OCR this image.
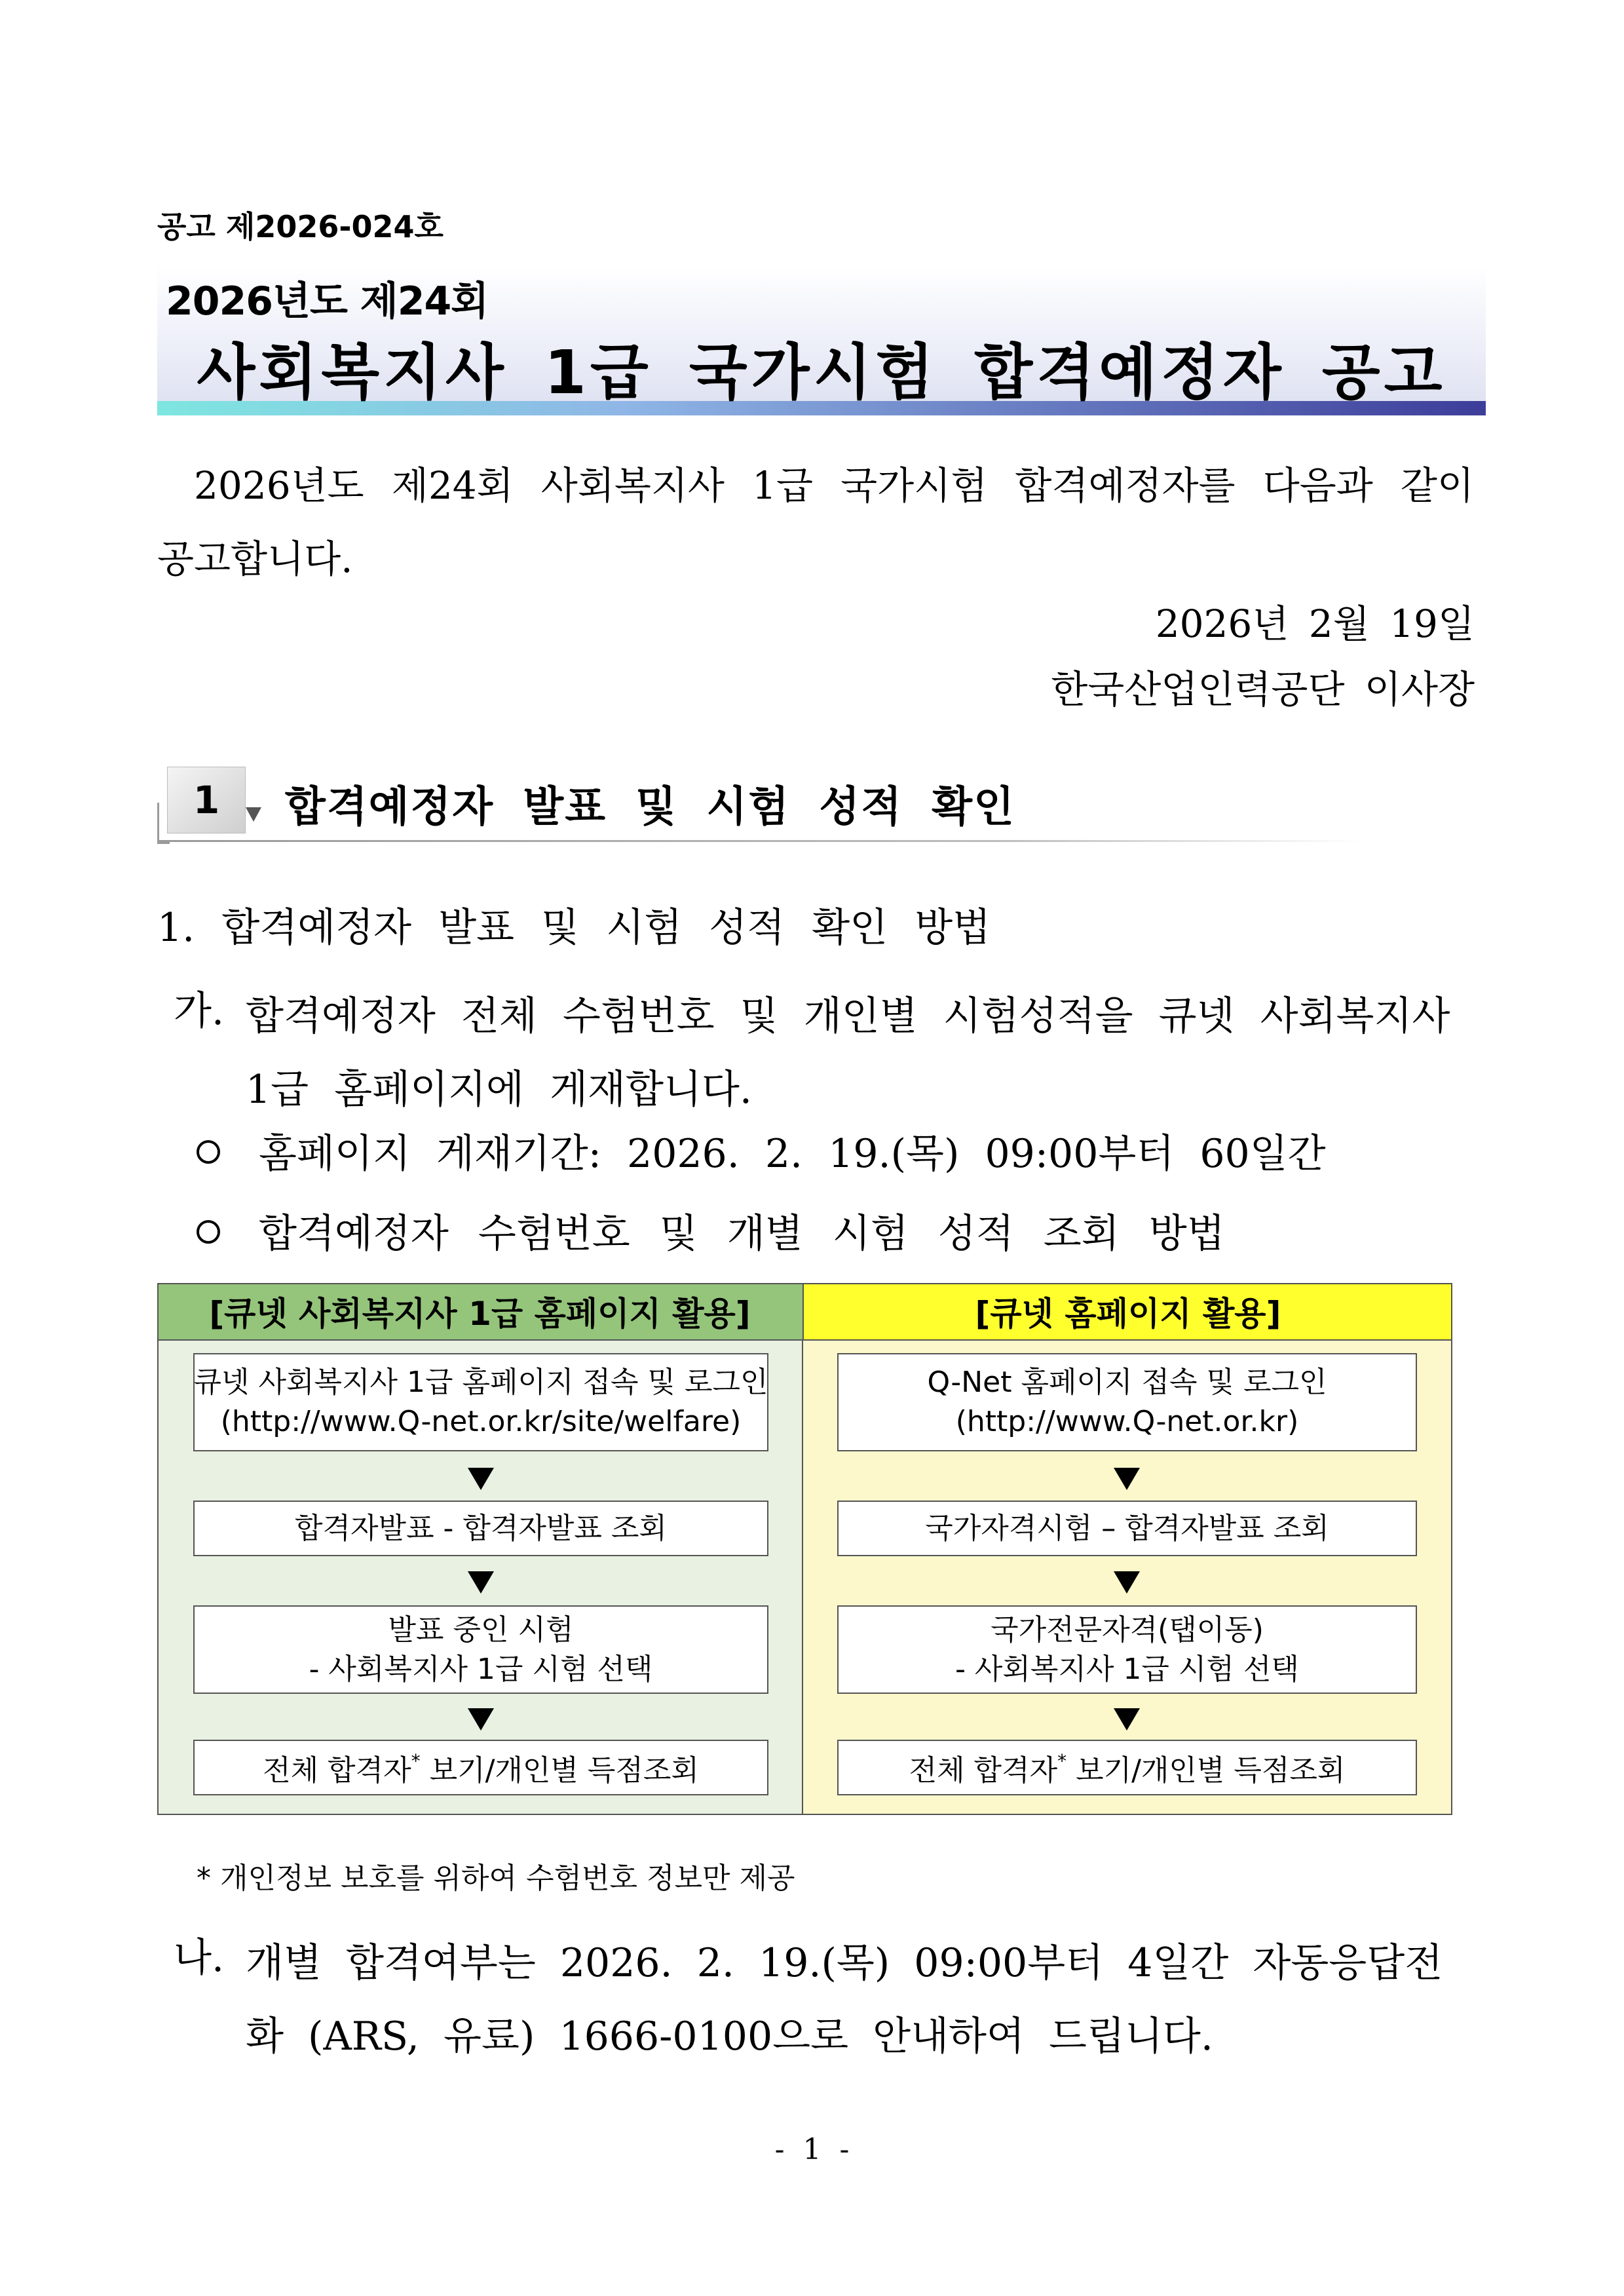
공고 제2026-024호
2026년도 제24회
사회복지사 1급 국가시험 합격예정자 공고
2026년도 제24회 사회복지사 1급 국가시험 합격예정자를 다음과 같이 공고합니다.
2026년 2월 19일
한국산업인력공단 이사장
1	합격예정자 발표 및 시험 성적 확인
1. 합격예정자 발표 및 시험 성적 확인 방법
가. 합격예정자 전체 수험번호 및 개인별 시험성적을 큐넷 사회복지사 1급 홈페이지에 게재합니다.
홈페이지 게재기간: 2026. 2. 19.(목) 09:00부터 60일간
합격예정자 수험번호 및 개별 시험 성적 조회 방법
[큐넷 사회복지사 1급 홈페이지 활용]	[큐넷 홈페이지 활용]
큐넷 사회복지사 1급 홈페이지 접속 및 로그인
(http://www.Q-net.or.kr/site/welfare)
합격자발표 - 합격자발표 조회
발표 중인 시험
- 사회복지사 1급 시험 선택
전체 합격자* 보기/개인별 득점조회
Q-Net 홈페이지 접속 및 로그인
(http://www.Q-net.or.kr)
국가자격시험 – 합격자발표 조회
국가전문자격(탭이동)
- 사회복지사 1급 시험 선택
전체 합격자* 보기/개인별 득점조회
* 개인정보 보호를 위하여 수험번호 정보만 제공
나. 개별 합격여부는 2026. 2. 19.(목) 09:00부터 4일간 자동응답전화 (ARS, 유료) 1666-0100으로 안내하여 드립니다.
- 1 -
